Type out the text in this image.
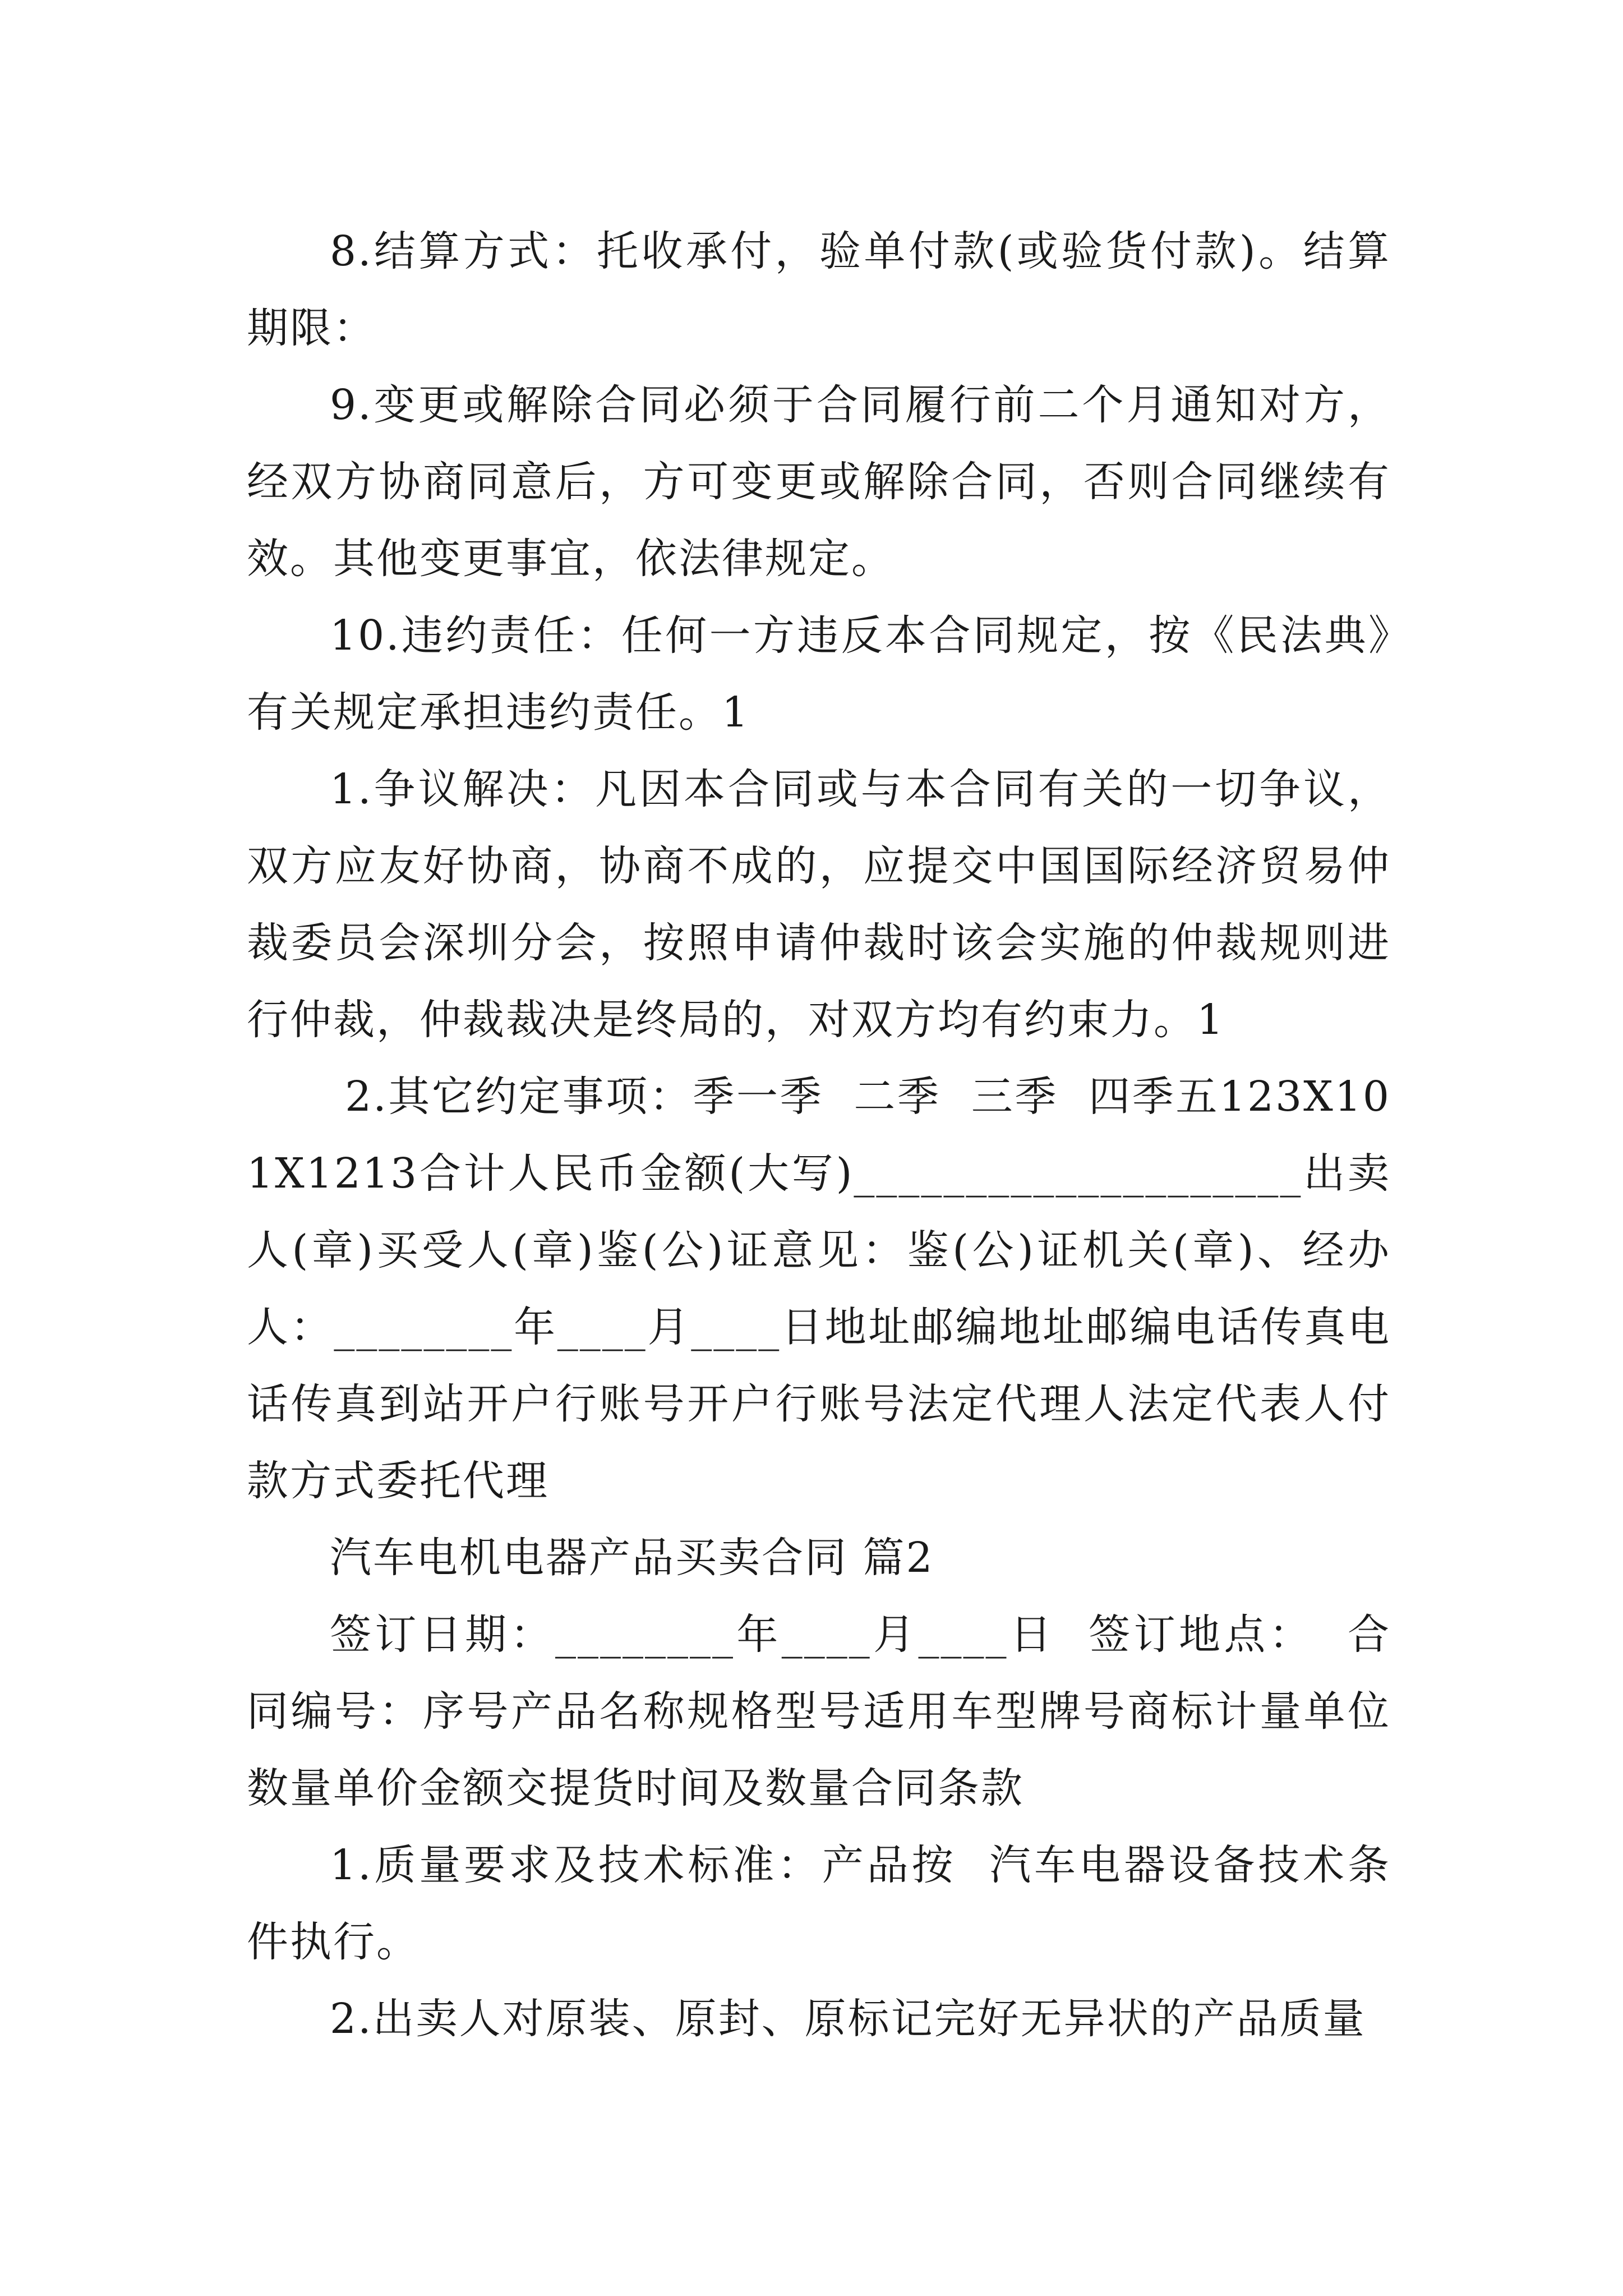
8.结算方式：托收承付，验单付款(或验货付款)。结算期限：

9.变更或解除合同必须于合同履行前二个月通知对方，经双方协商同意后，方可变更或解除合同，否则合同继续有效。其他变更事宜，依法律规定。

10.违约责任：任何一方违反本合同规定，按《民法典》有关规定承担违约责任。1

1.争议解决：凡因本合同或与本合同有关的一切争议，双方应友好协商，协商不成的，应提交中国国际经济贸易仲裁委员会深圳分会，按照申请仲裁时该会实施的仲裁规则进行仲裁，仲裁裁决是终局的，对双方均有约束力。1

2.其它约定事项：季一季  二季  三季  四季五123X101X1213合计人民币金额(大写)____________________出卖人(章)买受人(章)鉴(公)证意见：鉴(公)证机关(章)、经办人：________年____月____日地址邮编地址邮编电话传真电话传真到站开户行账号开户行账号法定代理人法定代表人付款方式委托代理

汽车电机电器产品买卖合同 篇2

签订日期：________年____月____日  签订地点：  合同编号：序号产品名称规格型号适用车型牌号商标计量单位数量单价金额交提货时间及数量合同条款

1.质量要求及技术标准：产品按  汽车电器设备技术条件执行。

2.出卖人对原装、原封、原标记完好无异状的产品质量
